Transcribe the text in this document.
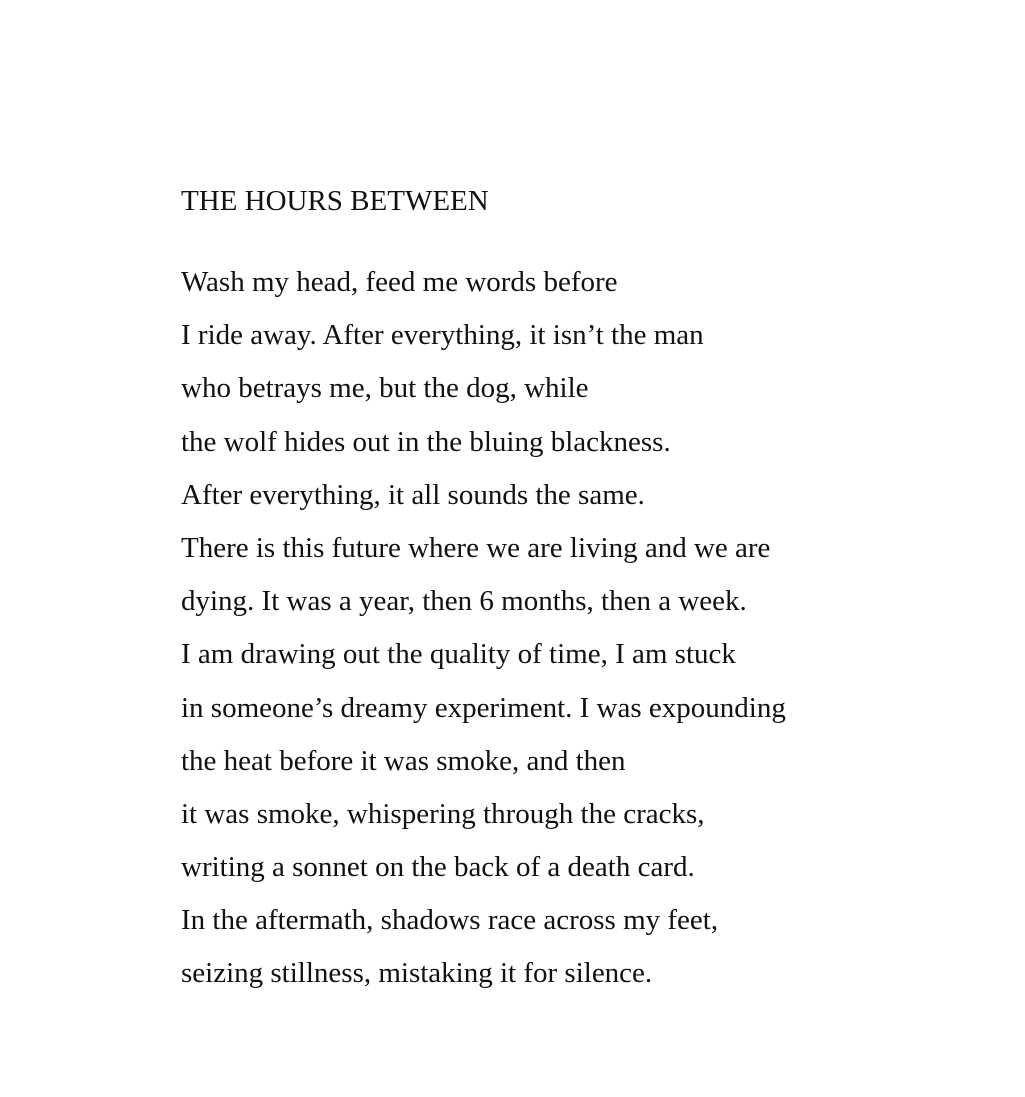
THE HOURS BETWEEN
Wash my head, feed me words before
I ride away. After everything, it isn’t the man
who betrays me, but the dog, while
the wolf hides out in the bluing blackness.
After everything, it all sounds the same.
There is this future where we are living and we are
dying. It was a year, then 6 months, then a week.
I am drawing out the quality of time, I am stuck
in someone’s dreamy experiment. I was expounding
the heat before it was smoke, and then
it was smoke, whispering through the cracks,
writing a sonnet on the back of a death card.
In the aftermath, shadows race across my feet,
seizing stillness, mistaking it for silence.
